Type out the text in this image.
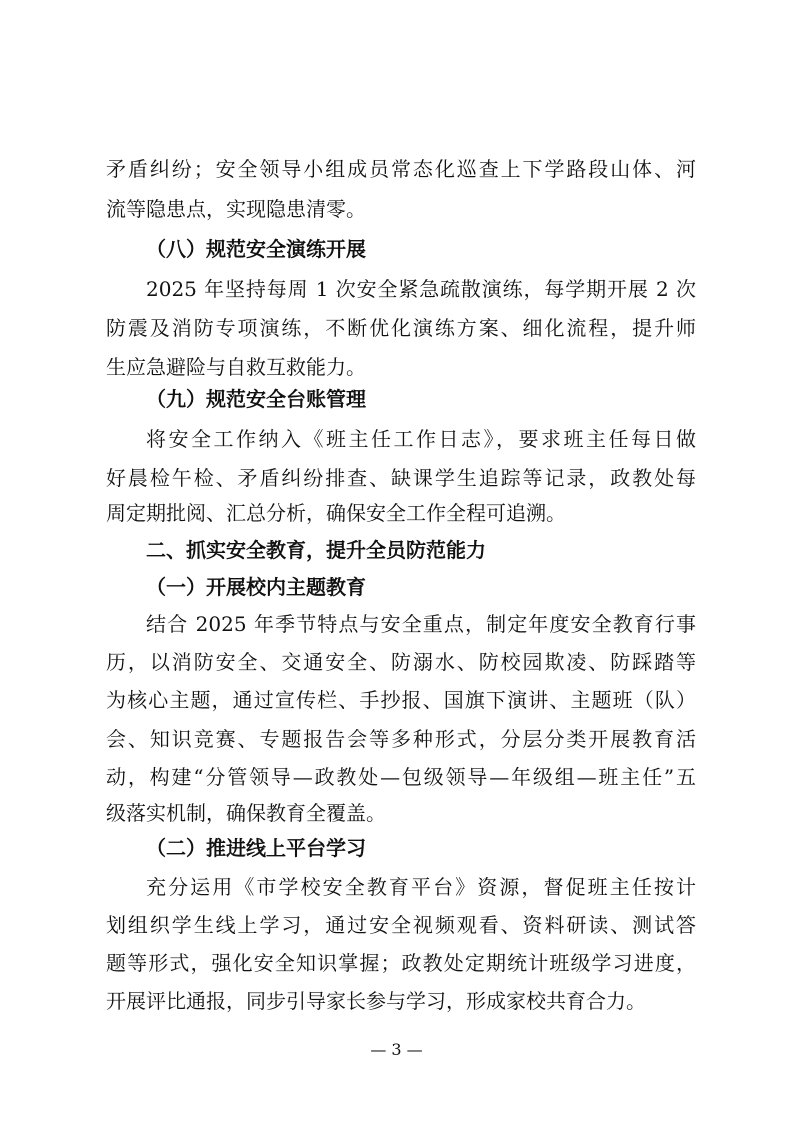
矛盾纠纷；安全领导小组成员常态化巡查上下学路段山体、河
流等隐患点，实现隐患清零。
（八）规范安全演练开展
2025 年坚持每周 1 次安全紧急疏散演练，每学期开展 2 次
防震及消防专项演练，不断优化演练方案、细化流程，提升师
生应急避险与自救互救能力。
（九）规范安全台账管理
将安全工作纳入《班主任工作日志》，要求班主任每日做
好晨检午检、矛盾纠纷排查、缺课学生追踪等记录，政教处每
周定期批阅、汇总分析，确保安全工作全程可追溯。
二、抓实安全教育，提升全员防范能力
（一）开展校内主题教育
结合 2025 年季节特点与安全重点，制定年度安全教育行事
历，以消防安全、交通安全、防溺水、防校园欺凌、防踩踏等
为核心主题，通过宣传栏、手抄报、国旗下演讲、主题班（队）
会、知识竞赛、专题报告会等多种形式，分层分类开展教育活
动，构建“分管领导—政教处—包级领导—年级组—班主任”五
级落实机制，确保教育全覆盖。
（二）推进线上平台学习
充分运用《市学校安全教育平台》资源，督促班主任按计
划组织学生线上学习，通过安全视频观看、资料研读、测试答
题等形式，强化安全知识掌握；政教处定期统计班级学习进度，
开展评比通报，同步引导家长参与学习，形成家校共育合力。
— 3 —
